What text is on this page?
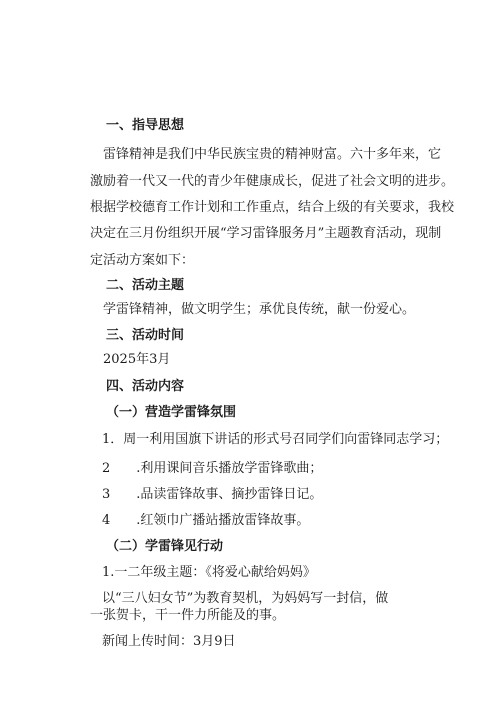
一、指导思想
雷锋精神是我们中华民族宝贵的精神财富。六十多年来，它
激励着一代又一代的青少年健康成长，促进了社会文明的进步。
根据学校德育工作计划和工作重点，结合上级的有关要求，我校
决定在三月份组织开展“学习雷锋服务月”主题教育活动，现制
定活动方案如下：
二、活动主题
学雷锋精神，做文明学生；承优良传统，献一份爱心。
三、活动时间
2025年3月
四、活动内容
（一）营造学雷锋氛围
1．周一利用国旗下讲话的形式号召同学们向雷锋同志学习；
2　　.利用课间音乐播放学雷锋歌曲；
3　　.品读雷锋故事、摘抄雷锋日记。
4　　.红领巾广播站播放雷锋故事。
（二）学雷锋见行动
1.一二年级主题：《将爱心献给妈妈》
以“三八妇女节”为教育契机，为妈妈写一封信，做
一张贺卡，干一件力所能及的事。
新闻上传时间：3月9日
